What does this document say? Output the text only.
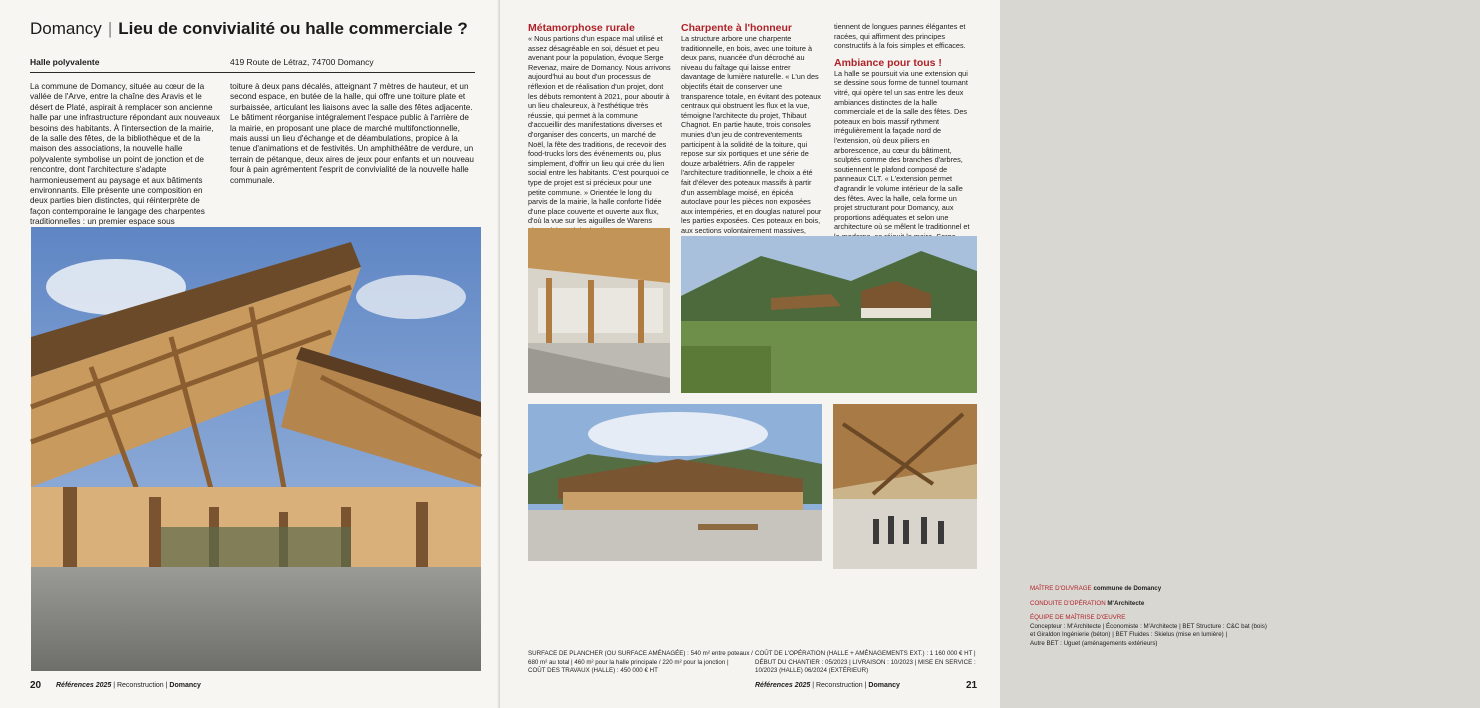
Domancy | Lieu de convivialité ou halle commerciale ?
Halle polyvalente	419 Route de Létraz, 74700 Domancy

La commune de Domancy, située au cœur de la vallée de l'Arve, entre la chaîne des Aravis et le désert de Platé, aspirait à remplacer son ancienne halle par une infrastructure répondant aux nouveaux besoins des habitants. À l'intersection de la mairie, de la salle des fêtes, de la bibliothèque et de la maison des associations, la nouvelle halle polyvalente symbolise un point de jonction et de rencontre, dont l'architecture s'adapte harmonieusement au paysage et aux bâtiments environnants. Elle présente une composition en deux parties bien distinctes, qui réinterprète de façon contemporaine le langage des charpentes traditionnelles : un premier espace sous

toiture à deux pans décalés, atteignant 7 mètres de hauteur, et un second espace, en butée de la halle, qui offre une toiture plate et surbaissée, articulant les liaisons avec la salle des fêtes adjacente. Le bâtiment réorganise intégralement l'espace public à l'arrière de la mairie, en proposant une place de marché multifonctionnelle, mais aussi un lieu d'échange et de déambulations, propice à la tenue d'animations et de festivités. Un amphithéâtre de verdure, un terrain de pétanque, deux aires de jeux pour enfants et un nouveau four à pain agrémentent l'esprit de convivialité de la nouvelle halle communale.

20 Références 2025 | Reconstruction | Domancy
Métamorphose rurale

« Nous partions d'un espace mal utilisé et assez désagréable en soi, désuet et peu avenant pour la population, évoque Serge Revenaz, maire de Domancy. Nous arrivons aujourd'hui au bout d'un processus de réflexion et de réalisation d'un projet, dont les débuts remontent à 2021, pour aboutir à un lieu chaleureux, à l'esthétique très réussie, qui permet à la commune d'accueillir des manifestations diverses et d'organiser des concerts, un marché de Noël, la fête des traditions, de recevoir des food-trucks lors des événements ou, plus simplement, d'offrir un lieu qui crée du lien social entre les habitants. C'est pourquoi ce type de projet est si précieux pour une petite commune. » Orientée le long du parvis de la mairie, la halle conforte l'idée d'une place couverte et ouverte aux flux, d'où la vue sur les aiguilles de Warens

Charpente à l'honneur

La structure arbore une charpente traditionnelle, en bois, avec une toiture à deux pans, nuancée d'un décroché au niveau du faîtage qui laisse entrer davantage de lumière naturelle. « L'un des objectifs était de conserver une transparence totale, en évitant des poteaux centraux qui obstruent les flux et la vue, témoigne l'architecte du projet, Thibaut Chagnot. En partie haute, trois consoles munies d'un jeu de contreventements participent à la solidité de la toiture, qui repose sur six portiques et une série de douze arbalétriers. Afin de rappeler l'architecture traditionnelle, le choix a été fait d'élever des poteaux massifs à partir d'un assemblage moisé, en épicéa autoclave pour les pièces non exposées aux intempéries, et en douglas naturel pour les parties exposées. Ces poteaux en bois, aux sections volontairement massives,

tiennent de longues pannes élégantes et racées, qui affirment des principes constructifs à la fois simples et efficaces.

Ambiance pour tous !

La halle se poursuit via une extension qui se dessine sous forme de tunnel tournant vitré, qui opère tel un sas entre les deux ambiances distinctes de la halle commerciale et de la salle des fêtes. Des poteaux en bois massif rythment irrégulièrement la façade nord de l'extension, où deux piliers en arborescence, au cœur du bâtiment, sculptés comme des branches d'arbres, soutiennent le plafond composé de panneaux CLT. « L'extension permet d'agrandir le volume intérieur de la salle des fêtes. Avec la halle, cela forme un projet structurant pour Domancy, aux proportions adéquates et selon une architecture où se mêlent le traditionnel et

MAÎTRE D'OUVRAGE commune de Domancy
CONDUITE D'OPÉRATION M'Architecte
ÉQUIPE DE MAÎTRISE D'ŒUVRE
Concepteur : M'Architecte | Économiste : M'Architecte | BET Structure : C&C bat (bois)
et Giraldon Ingénierie (béton) | BET Fluides : Skielus (mise en lumière) |
Autre BET : Uguet (aménagements extérieurs)
SURFACE DE PLANCHER (OU SURFACE AMÉNAGÉE) : 540 m² entre poteaux /
680 m² au total | 460 m² pour la halle principale / 220 m² pour la jonction |
COÛT DES TRAVAUX (HALLE) : 450 000 € HT
COÛT DE L'OPÉRATION (HALLE + AMÉNAGEMENTS EXT.) : 1 160 000 € HT |
DÉBUT DU CHANTIER : 05/2023 | LIVRAISON : 10/2023 | MISE EN SERVICE :
10/2023 (HALLE) 06/2024 (EXTÉRIEUR)
Références 2025 | Reconstruction | Domancy	21
